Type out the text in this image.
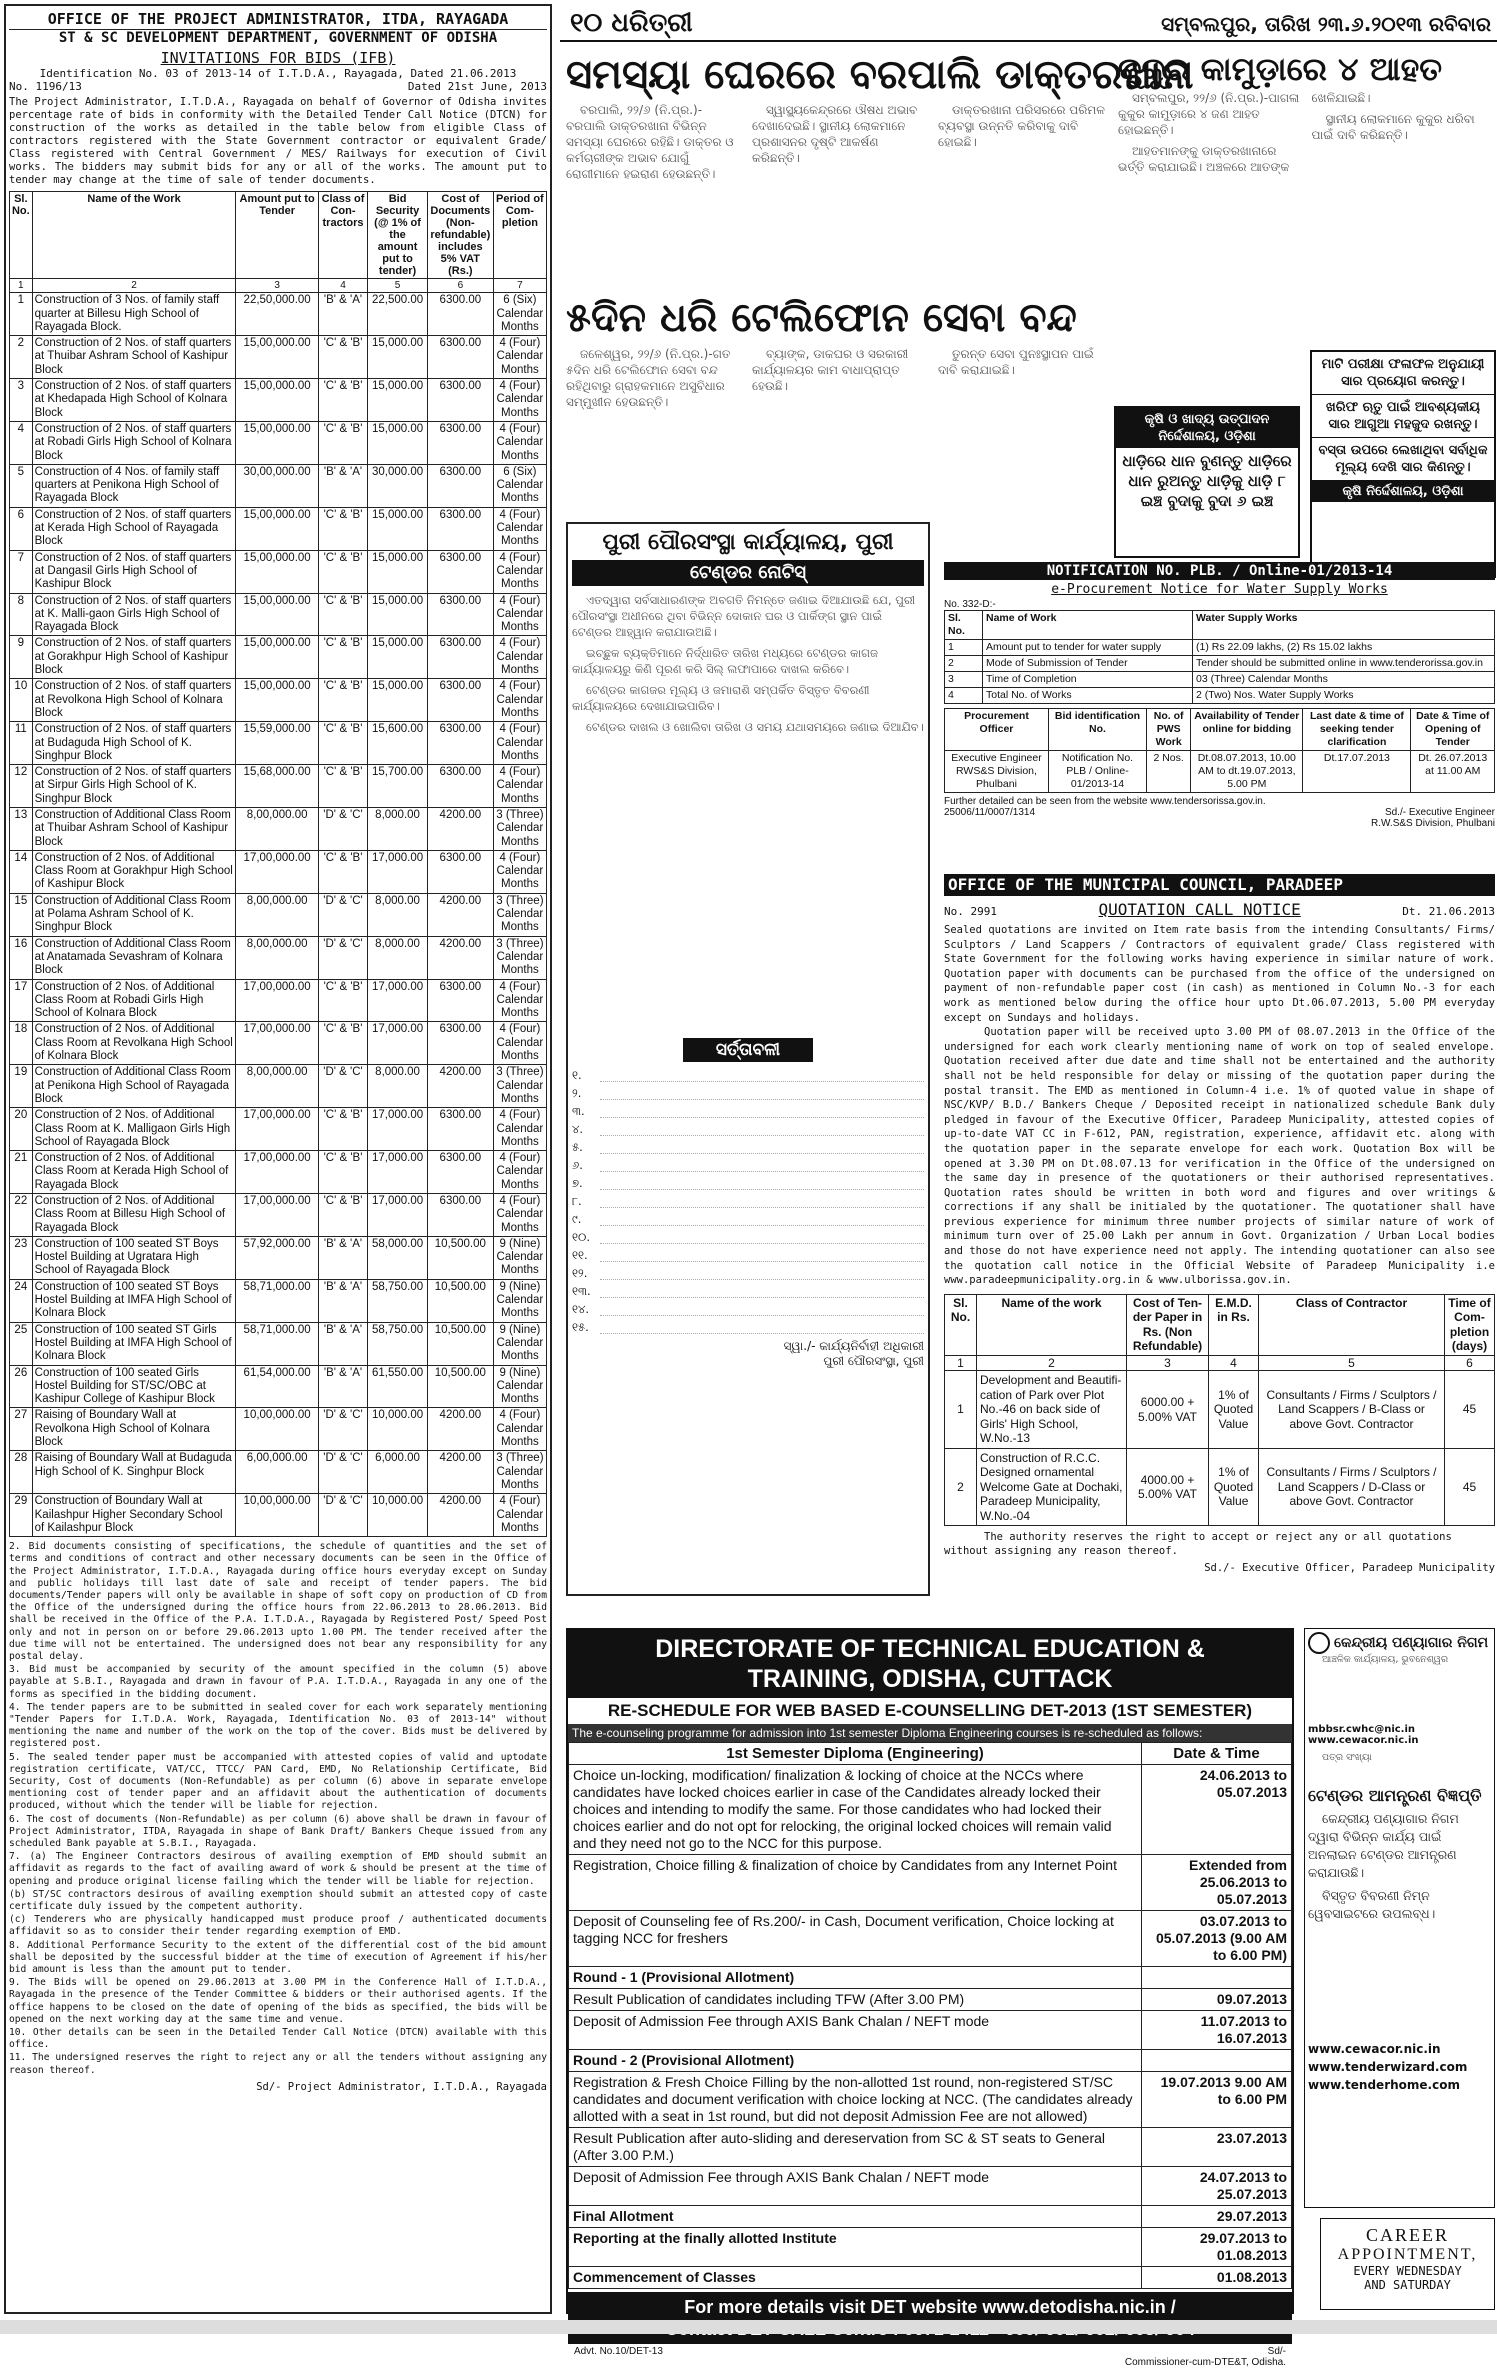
୧୦ ଧରିତ୍ରୀ	ସମ୍ବଲପୁର, ତାରିଖ ୨୩.୬.୨୦୧୩ ରବିବାର
OFFICE OF THE PROJECT ADMINISTRATOR, ITDA, RAYAGADA
ST & SC DEVELOPMENT DEPARTMENT, GOVERNMENT OF ODISHA
INVITATIONS FOR BIDS (IFB)
Identification No. 03 of 2013-14 of I.T.D.A., Rayagada, Dated 21.06.2013
No. 1196/13	Dated 21st June, 2013
The Project Administrator, I.T.D.A., Rayagada on behalf of Governor of Odisha invites percentage rate of bids in conformity with the Detailed Tender Call Notice (DTCN) for construction of the works as detailed in the table below from eligible Class of contractors registered with the State Government contractor or equivalent Grade/ Class registered with Central Government / MES/ Railways for execution of Civil works. The bidders may submit bids for any or all of the works. The amount put to tender may change at the time of sale of tender documents.
Sl. No.	Name of the Work	Amount put to Tender	Class of Con-tractors	Bid Security (@ 1% of the amount put to tender)	Cost of Documents (Non-refundable) includes 5% VAT (Rs.)	Period of Com-pletion
1	2	3	4	5	6	7
1	Construction of 3 Nos. of family staff quarter at Billesu High School of Rayagada Block.	22,50,000.00	'B' & 'A'	22,500.00	6300.00	6 (Six) Calendar Months
2	Construction of 2 Nos. of staff quarters at Thuibar Ashram School of Kashipur Block	15,00,000.00	'C' & 'B'	15,000.00	6300.00	4 (Four) Calendar Months
3	Construction of 2 Nos. of staff quarters at Khedapada High School of Kolnara Block	15,00,000.00	'C' & 'B'	15,000.00	6300.00	4 (Four) Calendar Months
4	Construction of 2 Nos. of staff quarters at Robadi Girls High School of Kolnara Block	15,00,000.00	'C' & 'B'	15,000.00	6300.00	4 (Four) Calendar Months
5	Construction of 4 Nos. of family staff quarters at Penikona High School of Rayagada Block	30,00,000.00	'B' & 'A'	30,000.00	6300.00	6 (Six) Calendar Months
6	Construction of 2 Nos. of staff quarters at Kerada High School of Rayagada Block	15,00,000.00	'C' & 'B'	15,000.00	6300.00	4 (Four) Calendar Months
7	Construction of 2 Nos. of staff quarters at Dangasil Girls High School of Kashipur Block	15,00,000.00	'C' & 'B'	15,000.00	6300.00	4 (Four) Calendar Months
8	Construction of 2 Nos. of staff quarters at K. Malli-gaon Girls High School of Rayagada Block	15,00,000.00	'C' & 'B'	15,000.00	6300.00	4 (Four) Calendar Months
9	Construction of 2 Nos. of staff quarters at Gorakhpur High School of Kashipur Block	15,00,000.00	'C' & 'B'	15,000.00	6300.00	4 (Four) Calendar Months
10	Construction of 2 Nos. of staff quarters at Revolkona High School of Kolnara Block	15,00,000.00	'C' & 'B'	15,000.00	6300.00	4 (Four) Calendar Months
11	Construction of 2 Nos. of staff quarters at Budaguda High School of K. Singhpur Block	15,59,000.00	'C' & 'B'	15,600.00	6300.00	4 (Four) Calendar Months
12	Construction of 2 Nos. of staff quarters at Sirpur Girls High School of K. Singhpur Block	15,68,000.00	'C' & 'B'	15,700.00	6300.00	4 (Four) Calendar Months
13	Construction of Additional Class Room at Thuibar Ashram School of Kashipur Block	8,00,000.00	'D' & 'C'	8,000.00	4200.00	3 (Three) Calendar Months
14	Construction of 2 Nos. of Additional Class Room at Gorakhpur High School of Kashipur Block	17,00,000.00	'C' & 'B'	17,000.00	6300.00	4 (Four) Calendar Months
15	Construction of Additional Class Room at Polama Ashram School of K. Singhpur Block	8,00,000.00	'D' & 'C'	8,000.00	4200.00	3 (Three) Calendar Months
16	Construction of Additional Class Room at Anatamada Sevashram of Kolnara Block	8,00,000.00	'D' & 'C'	8,000.00	4200.00	3 (Three) Calendar Months
17	Construction of 2 Nos. of Additional Class Room at Robadi Girls High School of Kolnara Block	17,00,000.00	'C' & 'B'	17,000.00	6300.00	4 (Four) Calendar Months
18	Construction of 2 Nos. of Additional Class Room at Revolkana High School of Kolnara Block	17,00,000.00	'C' & 'B'	17,000.00	6300.00	4 (Four) Calendar Months
19	Construction of Additional Class Room at Penikona High School of Rayagada Block	8,00,000.00	'D' & 'C'	8,000.00	4200.00	3 (Three) Calendar Months
20	Construction of 2 Nos. of Additional Class Room at K. Malligaon Girls High School of Rayagada Block	17,00,000.00	'C' & 'B'	17,000.00	6300.00	4 (Four) Calendar Months
21	Construction of 2 Nos. of Additional Class Room at Kerada High School of Rayagada Block	17,00,000.00	'C' & 'B'	17,000.00	6300.00	4 (Four) Calendar Months
22	Construction of 2 Nos. of Additional Class Room at Billesu High School of Rayagada Block	17,00,000.00	'C' & 'B'	17,000.00	6300.00	4 (Four) Calendar Months
23	Construction of 100 seated ST Boys Hostel Building at Ugratara High School of Rayagada Block	57,92,000.00	'B' & 'A'	58,000.00	10,500.00	9 (Nine) Calendar Months
24	Construction of 100 seated ST Boys Hostel Building at IMFA High School of Kolnara Block	58,71,000.00	'B' & 'A'	58,750.00	10,500.00	9 (Nine) Calendar Months
25	Construction of 100 seated ST Girls Hostel Building at IMFA High School of Kolnara Block	58,71,000.00	'B' & 'A'	58,750.00	10,500.00	9 (Nine) Calendar Months
26	Construction of 100 seated Girls Hostel Building for ST/SC/OBC at Kashipur College of Kashipur Block	61,54,000.00	'B' & 'A'	61,550.00	10,500.00	9 (Nine) Calendar Months
27	Raising of Boundary Wall at Revolkona High School of Kolnara Block	10,00,000.00	'D' & 'C'	10,000.00	4200.00	4 (Four) Calendar Months
28	Raising of Boundary Wall at Budaguda High School of K. Singhpur Block	6,00,000.00	'D' & 'C'	6,000.00	4200.00	3 (Three) Calendar Months
29	Construction of Boundary Wall at Kailashpur Higher Secondary School of Kailashpur Block	10,00,000.00	'D' & 'C'	10,000.00	4200.00	4 (Four) Calendar Months
2. Bid documents consisting of specifications, the schedule of quantities and the set of terms and conditions of contract and other necessary documents can be seen in the Office of the Project Administrator, I.T.D.A., Rayagada during office hours everyday except on Sunday and public holidays till last date of sale and receipt of tender papers. The bid documents/Tender papers will only be available in shape of soft copy on production of CD from the Office of the undersigned during the office hours from 22.06.2013 to 28.06.2013. Bid shall be received in the Office of the P.A. I.T.D.A., Rayagada by Registered Post/ Speed Post only and not in person on or before 29.06.2013 upto 1.00 PM. The tender received after the due time will not be entertained. The undersigned does not bear any responsibility for any postal delay.
3. Bid must be accompanied by security of the amount specified in the column (5) above payable at S.B.I., Rayagada and drawn in favour of P.A. I.T.D.A., Rayagada in any one of the forms as specified in the bidding document.
4. The tender papers are to be submitted in sealed cover for each work separately mentioning "Tender Papers for I.T.D.A. Work, Rayagada, Identification No. 03 of 2013-14" without mentioning the name and number of the work on the top of the cover. Bids must be delivered by registered post.
5. The sealed tender paper must be accompanied with attested copies of valid and uptodate registration certificate, VAT/CC, TTCC/ PAN Card, EMD, No Relationship Certificate, Bid Security, Cost of documents (Non-Refundable) as per column (6) above in separate envelope mentioning cost of tender paper and an affidavit about the authentication of documents produced, without which the tender will be liable for rejection.
6. The cost of documents (Non-Refundable) as per column (6) above shall be drawn in favour of Project Administrator, ITDA, Rayagada in shape of Bank Draft/ Bankers Cheque issued from any scheduled Bank payable at S.B.I., Rayagada.
7. (a) The Engineer Contractors desirous of availing exemption of EMD should submit an affidavit as regards to the fact of availing award of work & should be present at the time of opening and produce original license failing which the tender will be liable for rejection.
(b) ST/SC contractors desirous of availing exemption should submit an attested copy of caste certificate duly issued by the competent authority.
(c) Tenderers who are physically handicapped must produce proof / authenticated documents affidavit so as to consider their tender regarding exemption of EMD.
8. Additional Performance Security to the extent of the differential cost of the bid amount shall be deposited by the successful bidder at the time of execution of Agreement if his/her bid amount is less than the amount put to tender.
9. The Bids will be opened on 29.06.2013 at 3.00 PM in the Conference Hall of I.T.D.A., Rayagada in the presence of the Tender Committee & bidders or their authorised agents. If the office happens to be closed on the date of opening of the bids as specified, the bids will be opened on the next working day at the same time and venue.
10. Other details can be seen in the Detailed Tender Call Notice (DTCN) available with this office.
11. The undersigned reserves the right to reject any or all the tenders without assigning any reason thereof.
Sd/- Project Administrator, I.T.D.A., Rayagada
ସମସ୍ୟା ଘେରରେ ବରପାଲି ଡାକ୍ତରଖାନା

ବରପାଲି, ୨୨/୬ (ନି.ପ୍ର.)-ବରପାଲି ଡାକ୍ତରଖାନା ବିଭିନ୍ନ ସମସ୍ୟା ଘେରରେ ରହିଛି। ଡାକ୍ତର ଓ କର୍ମଚାରୀଙ୍କ ଅଭାବ ଯୋଗୁଁ ରୋଗୀମାନେ ହଇରାଣ ହେଉଛନ୍ତି।

ସ୍ୱାସ୍ଥ୍ୟକେନ୍ଦ୍ରରେ ଔଷଧ ଅଭାବ ଦେଖାଦେଇଛି। ସ୍ଥାନୀୟ ଲୋକମାନେ ପ୍ରଶାସନର ଦୃଷ୍ଟି ଆକର୍ଷଣ କରିଛନ୍ତି।

ଡାକ୍ତରଖାନା ପରିସରରେ ପରିମଳ ବ୍ୟବସ୍ଥା ଉନ୍ନତି କରିବାକୁ ଦାବି ହୋଇଛି।

କୁକୁର କାମୁଡ଼ାରେ ୪ ଆହତ

ସମ୍ବଲପୁର, ୨୨/୬ (ନି.ପ୍ର.)-ପାଗଳା କୁକୁର କାମୁଡ଼ାରେ ୪ ଜଣ ଆହତ ହୋଇଛନ୍ତି।

ଆହତମାନଙ୍କୁ ଡାକ୍ତରଖାନାରେ ଭର୍ତ୍ତି କରାଯାଇଛି। ଅଞ୍ଚଳରେ ଆତଙ୍କ ଖେଳିଯାଇଛି।

ସ୍ଥାନୀୟ ଲୋକମାନେ କୁକୁର ଧରିବା ପାଇଁ ଦାବି କରିଛନ୍ତି।

୫ଦିନ ଧରି ଟେଲିଫୋନ ସେବା ବନ୍ଦ

ଜଳେଶ୍ୱର, ୨୨/୬ (ନି.ପ୍ର.)-ଗତ ୫ଦିନ ଧରି ଟେଲିଫୋନ ସେବା ବନ୍ଦ ରହିଥିବାରୁ ଗ୍ରାହକମାନେ ଅସୁବିଧାର ସମ୍ମୁଖୀନ ହେଉଛନ୍ତି।

ବ୍ୟାଙ୍କ, ଡାକଘର ଓ ସରକାରୀ କାର୍ଯ୍ୟାଳୟର କାମ ବାଧାପ୍ରାପ୍ତ ହେଉଛି।

ତୁରନ୍ତ ସେବା ପୁନଃସ୍ଥାପନ ପାଇଁ ଦାବି କରାଯାଇଛି।

କୃଷି ଓ ଖାଦ୍ୟ ଉତ୍ପାଦନ ନିର୍ଦ୍ଦେଶାଳୟ, ଓଡ଼ିଶା
ଧାଡ଼ିରେ ଧାନ ବୁଣନ୍ତୁ ଧାଡ଼ିରେ ଧାନ ରୁଅନ୍ତୁ ଧାଡ଼ିକୁ ଧାଡ଼ି ୮ ଇଞ୍ଚ ବୁଦାକୁ ବୁଦା ୬ ଇଞ୍ଚ
ମାଟି ପରୀକ୍ଷା ଫଳାଫଳ ଅନୁଯାୟୀ ସାର ପ୍ରୟୋଗ କରନ୍ତୁ।
ଖରିଫ ଋତୁ ପାଇଁ ଆବଶ୍ୟକୀୟ ସାର ଆଗୁଆ ମହଜୁଦ ରଖନ୍ତୁ।
ବସ୍ତା ଉପରେ ଲେଖାଥିବା ସର୍ବାଧିକ ମୂଲ୍ୟ ଦେଖି ସାର କିଣନ୍ତୁ।
କୃଷି ନିର୍ଦ୍ଦେଶାଳୟ, ଓଡ଼ିଶା
ପୁରୀ ପୌରସଂସ୍ଥା କାର୍ଯ୍ୟାଳୟ, ପୁରୀ
ଟେଣ୍ଡର ନୋଟିସ୍

ଏତଦ୍ୱାରା ସର୍ବସାଧାରଣଙ୍କ ଅବଗତି ନିମନ୍ତେ ଜଣାଇ ଦିଆଯାଉଛି ଯେ, ପୁରୀ ପୌରସଂସ୍ଥା ଅଧୀନରେ ଥିବା ବିଭିନ୍ନ ଦୋକାନ ଘର ଓ ପାର୍କିଙ୍ଗ ସ୍ଥାନ ପାଇଁ ଟେଣ୍ଡର ଆହ୍ୱାନ କରାଯାଉଅଛି।

ଇଚ୍ଛୁକ ବ୍ୟକ୍ତିମାନେ ନିର୍ଦ୍ଧାରିତ ତାରିଖ ମଧ୍ୟରେ ଟେଣ୍ଡର କାଗଜ କାର୍ଯ୍ୟାଳୟରୁ କିଣି ପୂରଣ କରି ସିଲ୍ ଲଫାପାରେ ଦାଖଲ କରିବେ।

ଟେଣ୍ଡର କାଗଜର ମୂଲ୍ୟ ଓ ଜମାରାଶି ସମ୍ପର୍କିତ ବିସ୍ତୃତ ବିବରଣୀ କାର୍ଯ୍ୟାଳୟରେ ଦେଖାଯାଇପାରିବ।

ଟେଣ୍ଡର ଦାଖଲ ଓ ଖୋଲିବା ତାରିଖ ଓ ସମୟ ଯଥାସମୟରେ ଜଣାଇ ଦିଆଯିବ।

ସର୍ତ୍ତାବଳୀ
୧.
୨.
୩.
୪.
୫.
୬.
୭.
୮.
୯.
୧୦.
୧୧.
୧୨.
୧୩.
୧୪.
୧୫.
ସ୍ୱା./- କାର୍ଯ୍ୟନିର୍ବାହୀ ଅଧିକାରୀ
ପୁରୀ ପୌରସଂସ୍ଥା, ପୁରୀ
NOTIFICATION NO. PLB. / Online-01/2013-14
e-Procurement Notice for Water Supply Works
No. 332-D:-
Sl. No.	Name of Work	Water Supply Works
1	Amount put to tender for water supply	(1) Rs 22.09 lakhs, (2) Rs 15.02 lakhs
2	Mode of Submission of Tender	Tender should be submitted online in www.tenderorissa.gov.in
3	Time of Completion	03 (Three) Calendar Months
4	Total No. of Works	2 (Two) Nos. Water Supply Works
Procurement Officer	Bid identification No.	No. of PWS Work	Availability of Tender online for bidding	Last date & time of seeking tender clarification	Date & Time of Opening of Tender
Executive Engineer RWS&S Division, Phulbani	Notification No. PLB / Online-01/2013-14	2 Nos.	Dt.08.07.2013, 10.00 AM to dt.19.07.2013, 5.00 PM	Dt.17.07.2013	Dt. 26.07.2013 at 11.00 AM
Further detailed can be seen from the website www.tendersorissa.gov.in.
25006/11/0007/1314	Sd./- Executive Engineer
R.W.S&S Division, Phulbani
OFFICE OF THE MUNICIPAL COUNCIL, PARADEEP
No. 2991	QUOTATION CALL NOTICE	Dt. 21.06.2013
Sealed quotations are invited on Item rate basis from the intending Consultants/ Firms/ Sculptors / Land Scappers / Contractors of equivalent grade/ Class registered with State Government for the following works having experience in similar nature of work. Quotation paper with documents can be purchased from the office of the undersigned on payment of non-refundable paper cost (in cash) as mentioned in Column No.-3 for each work as mentioned below during the office hour upto Dt.06.07.2013, 5.00 PM everyday except on Sundays and holidays.
Quotation paper will be received upto 3.00 PM of 08.07.2013 in the Office of the undersigned for each work clearly mentioning name of work on top of sealed envelope. Quotation received after due date and time shall not be entertained and the authority shall not be held responsible for delay or missing of the quotation paper during the postal transit. The EMD as mentioned in Column-4 i.e. 1% of quoted value in shape of NSC/KVP/ B.D./ Bankers Cheque / Deposited receipt in nationalized schedule Bank duly pledged in favour of the Executive Officer, Paradeep Municipality, attested copies of up-to-date VAT CC in F-612, PAN, registration, experience, affidavit etc. along with the quotation paper in the separate envelope for each work. Quotation Box will be opened at 3.30 PM on Dt.08.07.13 for verification in the Office of the undersigned on the same day in presence of the quotationers or their authorised representatives. Quotation rates should be written in both word and figures and over writings & corrections if any shall be initialed by the quotationer. The quotationer shall have previous experience for minimum three number projects of similar nature of work of minimum turn over of 25.00 Lakh per annum in Govt. Organization / Urban Local bodies and those do not have experience need not apply. The intending quotationer can also see the quotation call notice in the Official Website of Paradeep Municipality i.e www.paradeepmunicipality.org.in & www.ulborissa.gov.in.
Sl. No.	Name of the work	Cost of Ten-der Paper in Rs. (Non Refundable)	E.M.D. in Rs.	Class of Contractor	Time of Com-pletion (days)
1	2	3	4	5	6
1	Development and Beautifi-cation of Park over Plot No.-46 on back side of Girls' High School, W.No.-13	6000.00 + 5.00% VAT	1% of Quoted Value	Consultants / Firms / Sculptors / Land Scappers / B-Class or above Govt. Contractor	45
2	Construction of R.C.C. Designed ornamental Welcome Gate at Dochaki, Paradeep Municipality, W.No.-04	4000.00 + 5.00% VAT	1% of Quoted Value	Consultants / Firms / Sculptors / Land Scappers / D-Class or above Govt. Contractor	45
The authority reserves the right to accept or reject any or all quotations without assigning any reason thereof.
Sd./- Executive Officer, Paradeep Municipality
DIRECTORATE OF TECHNICAL EDUCATION &
TRAINING, ODISHA, CUTTACK
RE-SCHEDULE FOR WEB BASED E-COUNSELLING DET-2013 (1ST SEMESTER)
The e-counseling programme for admission into 1st semester Diploma Engineering courses is re-scheduled as follows:
1st Semester Diploma (Engineering)	Date & Time
Choice un-locking, modification/ finalization & locking of choice at the NCCs where candidates have locked choices earlier in case of the Candidates already locked their choices and intending to modify the same. For those candidates who had locked their choices earlier and do not opt for relocking, the original locked choices will remain valid and they need not go to the NCC for this purpose.	24.06.2013 to 05.07.2013
Registration, Choice filling & finalization of choice by Candidates from any Internet Point	Extended from 25.06.2013 to 05.07.2013
Deposit of Counseling fee of Rs.200/- in Cash, Document verification, Choice locking at tagging NCC for freshers	03.07.2013 to 05.07.2013 (9.00 AM to 6.00 PM)
Round - 1 (Provisional Allotment)	
Result Publication of candidates including TFW (After 3.00 PM)	09.07.2013
Deposit of Admission Fee through AXIS Bank Chalan / NEFT mode	11.07.2013 to 16.07.2013
Round - 2 (Provisional Allotment)	
Registration & Fresh Choice Filling by the non-allotted 1st round, non-registered ST/SC candidates and document verification with choice locking at NCC. (The candidates already allotted with a seat in 1st round, but did not deposit Admission Fee are not allowed)	19.07.2013 9.00 AM to 6.00 PM
Result Publication after auto-sliding and dereservation from SC & ST seats to General (After 3.00 P.M.)	23.07.2013
Deposit of Admission Fee through AXIS Bank Chalan / NEFT mode	24.07.2013 to 25.07.2013
Final Allotment	29.07.2013
Reporting at the finally allotted Institute	29.07.2013 to 01.08.2013
Commencement of Classes	01.08.2013
For more details visit DET website www.detodisha.nic.in /
Advt. No.10/DET-13	Sd/-
Commissioner-cum-DTE&T, Odisha.
କେନ୍ଦ୍ରୀୟ ପଣ୍ୟାଗାର ନିଗମ

ଆଞ୍ଚଳିକ କାର୍ଯ୍ୟାଳୟ, ଭୁବନେଶ୍ୱର

mbbsr.cwhc@nic.in
www.cewacor.nic.in

ପତ୍ର ସଂଖ୍ୟା

ଟେଣ୍ଡର ଆମନ୍ତ୍ରଣ ବିଜ୍ଞପ୍ତି

କେନ୍ଦ୍ରୀୟ ପଣ୍ୟାଗାର ନିଗମ ଦ୍ୱାରା ବିଭିନ୍ନ କାର୍ଯ୍ୟ ପାଇଁ ଅନଲାଇନ ଟେଣ୍ଡର ଆମନ୍ତ୍ରଣ କରାଯାଉଛି।

ବିସ୍ତୃତ ବିବରଣୀ ନିମ୍ନ ୱେବସାଇଟରେ ଉପଲବ୍ଧ।

www.cewacor.nic.in
www.tenderwizard.com
www.tenderhome.com
CAREER
APPOINTMENT,
EVERY WEDNESDAY
AND SATURDAY
